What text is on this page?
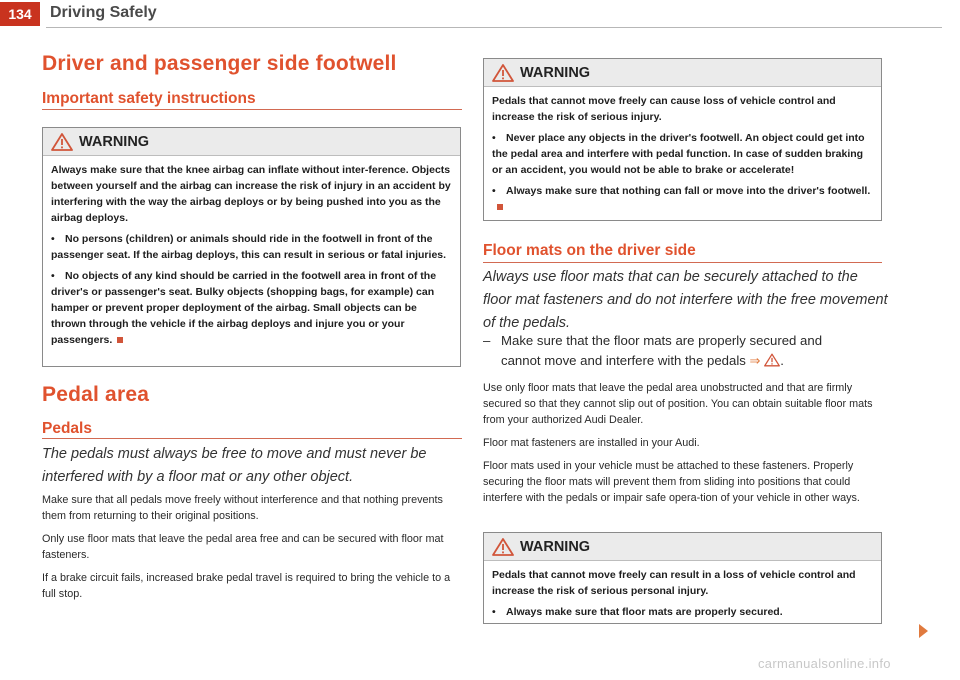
134	Driving Safely
Driver and passenger side footwell
Important safety instructions
WARNING

Always make sure that the knee airbag can inflate without inter-ference. Objects between yourself and the airbag can increase the risk of injury in an accident by interfering with the way the airbag deploys or by being pushed into you as the airbag deploys.

• No persons (children) or animals should ride in the footwell in front of the passenger seat. If the airbag deploys, this can result in serious or fatal injuries.

• No objects of any kind should be carried in the footwell area in front of the driver's or passenger's seat. Bulky objects (shopping bags, for example) can hamper or prevent proper deployment of the airbag. Small objects can be thrown through the vehicle if the airbag deploys and injure you or your passengers.

Pedal area
Pedals
The pedals must always be free to move and must never be interfered with by a floor mat or any other object.

Make sure that all pedals move freely without interference and that nothing prevents them from returning to their original positions.

Only use floor mats that leave the pedal area free and can be secured with floor mat fasteners.

If a brake circuit fails, increased brake pedal travel is required to bring the vehicle to a full stop.

WARNING

Pedals that cannot move freely can cause loss of vehicle control and increase the risk of serious injury.

• Never place any objects in the driver's footwell. An object could get into the pedal area and interfere with pedal function. In case of sudden braking or an accident, you would not be able to brake or accelerate!

• Always make sure that nothing can fall or move into the driver's footwell.

Floor mats on the driver side
Always use floor mats that can be securely attached to the floor mat fasteners and do not interfere with the free movement of the pedals.
– Make sure that the floor mats are properly secured and
cannot move and interfere with the pedals ⇒ .

Use only floor mats that leave the pedal area unobstructed and that are firmly secured so that they cannot slip out of position. You can obtain suitable floor mats from your authorized Audi Dealer.

Floor mat fasteners are installed in your Audi.

Floor mats used in your vehicle must be attached to these fasteners. Properly securing the floor mats will prevent them from sliding into positions that could interfere with the pedals or impair safe opera-tion of your vehicle in other ways.

WARNING

Pedals that cannot move freely can result in a loss of vehicle control and increase the risk of serious personal injury.

• Always make sure that floor mats are properly secured.

carmanualsonline.info
